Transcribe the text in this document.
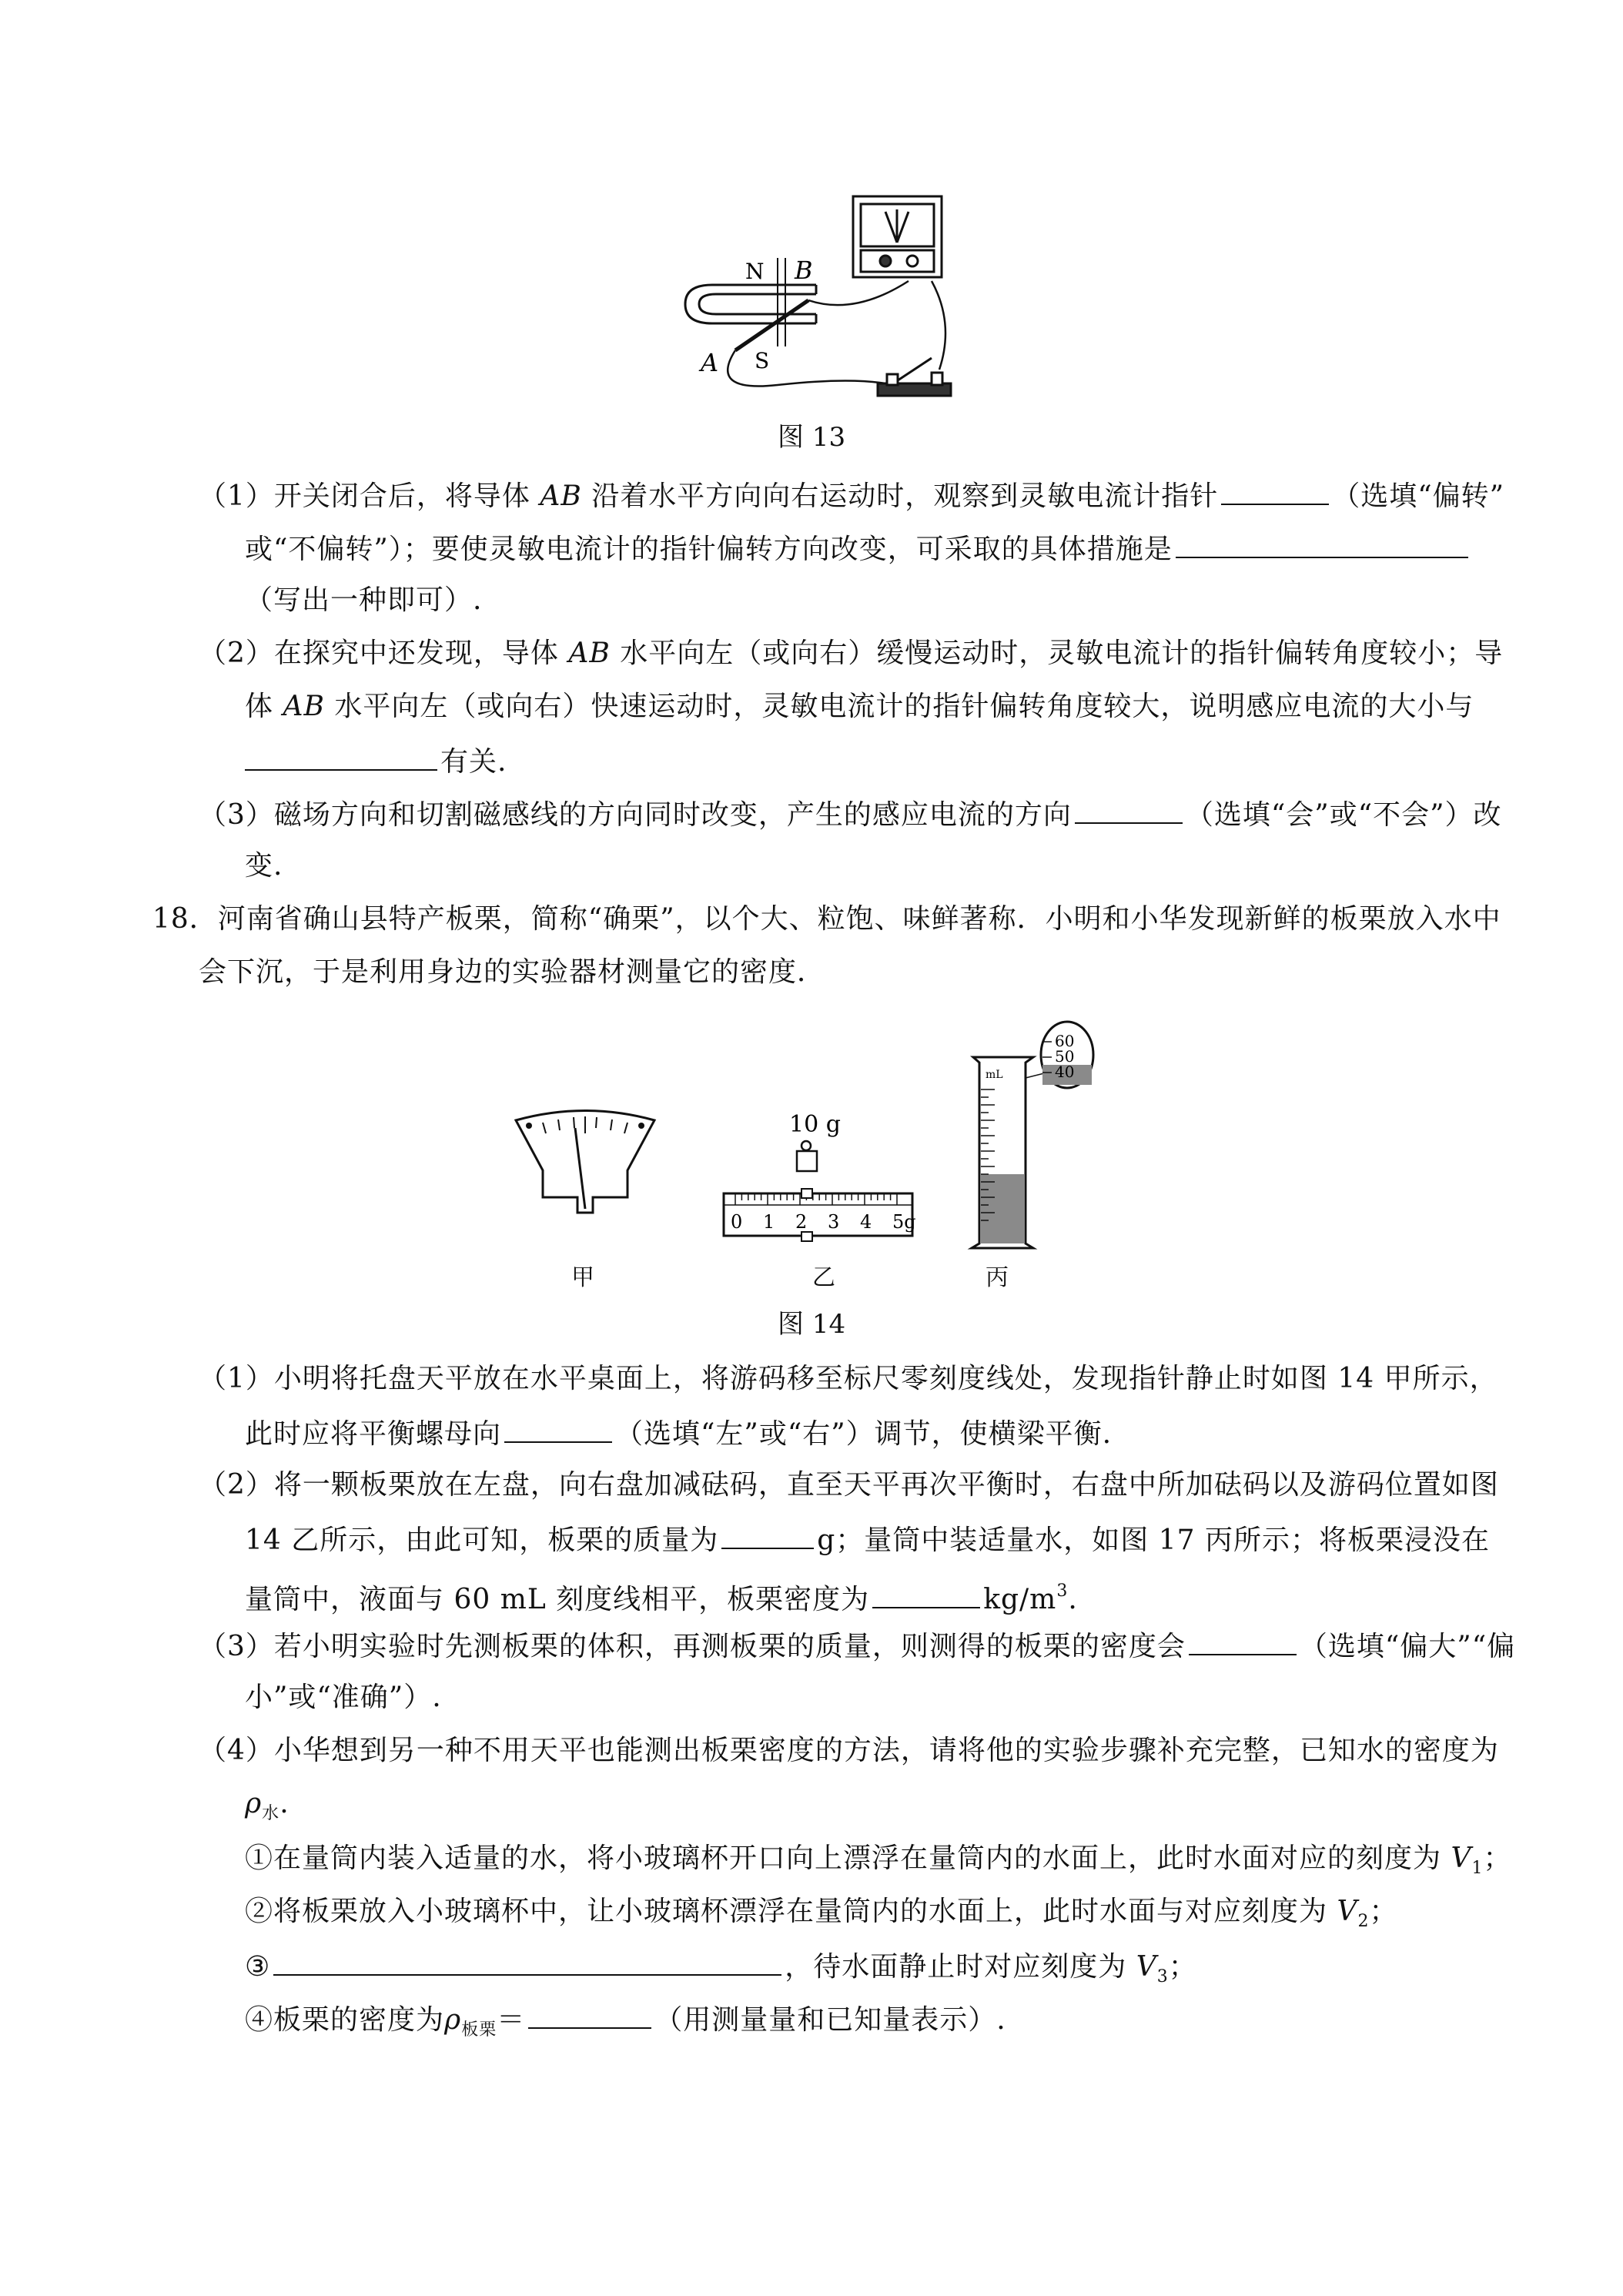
N B
S
A
图 13
（1）开关闭合后，将导体 AB 沿着水平方向向右运动时，观察到灵敏电流计指针	（选填“偏转”
或“不偏转”）；要使灵敏电流计的指针偏转方向改变，可采取的具体措施是
（写出一种即可）.
（2）在探究中还发现，导体 AB 水平向左（或向右）缓慢运动时，灵敏电流计的指针偏转角度较小；导
体 AB 水平向左（或向右）快速运动时，灵敏电流计的指针偏转角度较大，说明感应电流的大小与
有关.
（3）磁场方向和切割磁感线的方向同时改变，产生的感应电流的方向	（选填“会”或“不会”）改
变.
18．河南省确山县特产板栗，简称“确栗”，以个大、粒饱、味鲜著称．小明和小华发现新鲜的板栗放入水中
会下沉，于是利用身边的实验器材测量它的密度．
甲
10 g
0 1 2 3 4 5g
乙
mL
60
50
40
丙
图 14
（1）小明将托盘天平放在水平桌面上，将游码移至标尺零刻度线处，发现指针静止时如图 14 甲所示，
此时应将平衡螺母向	（选填“左”或“右”）调节，使横梁平衡.
（2）将一颗板栗放在左盘，向右盘加减砝码，直至天平再次平衡时，右盘中所加砝码以及游码位置如图
14 乙所示，由此可知，板栗的质量为	g；量筒中装适量水，如图 17 丙所示；将板栗浸没在
量筒中，液面与 60 mL 刻度线相平，板栗密度为	$kg/m^3$.
（3）若小明实验时先测板栗的体积，再测板栗的质量，则测得的板栗的密度会	（选填“偏大”“偏
小”或“准确”）.
（4）小华想到另一种不用天平也能测出板栗密度的方法，请将他的实验步骤补充完整，已知水的密度为
$\rho_水$.
①在量筒内装入适量的水，将小玻璃杯开口向上漂浮在量筒内的水面上，此时水面对应的刻度为 $V_1$；
②将板栗放入小玻璃杯中，让小玻璃杯漂浮在量筒内的水面上，此时水面与对应刻度为 $V_2$；
③	，待水面静止时对应刻度为 $V_3$；
④板栗的密度为$\rho_{板栗}=$	（用测量量和已知量表示）.
